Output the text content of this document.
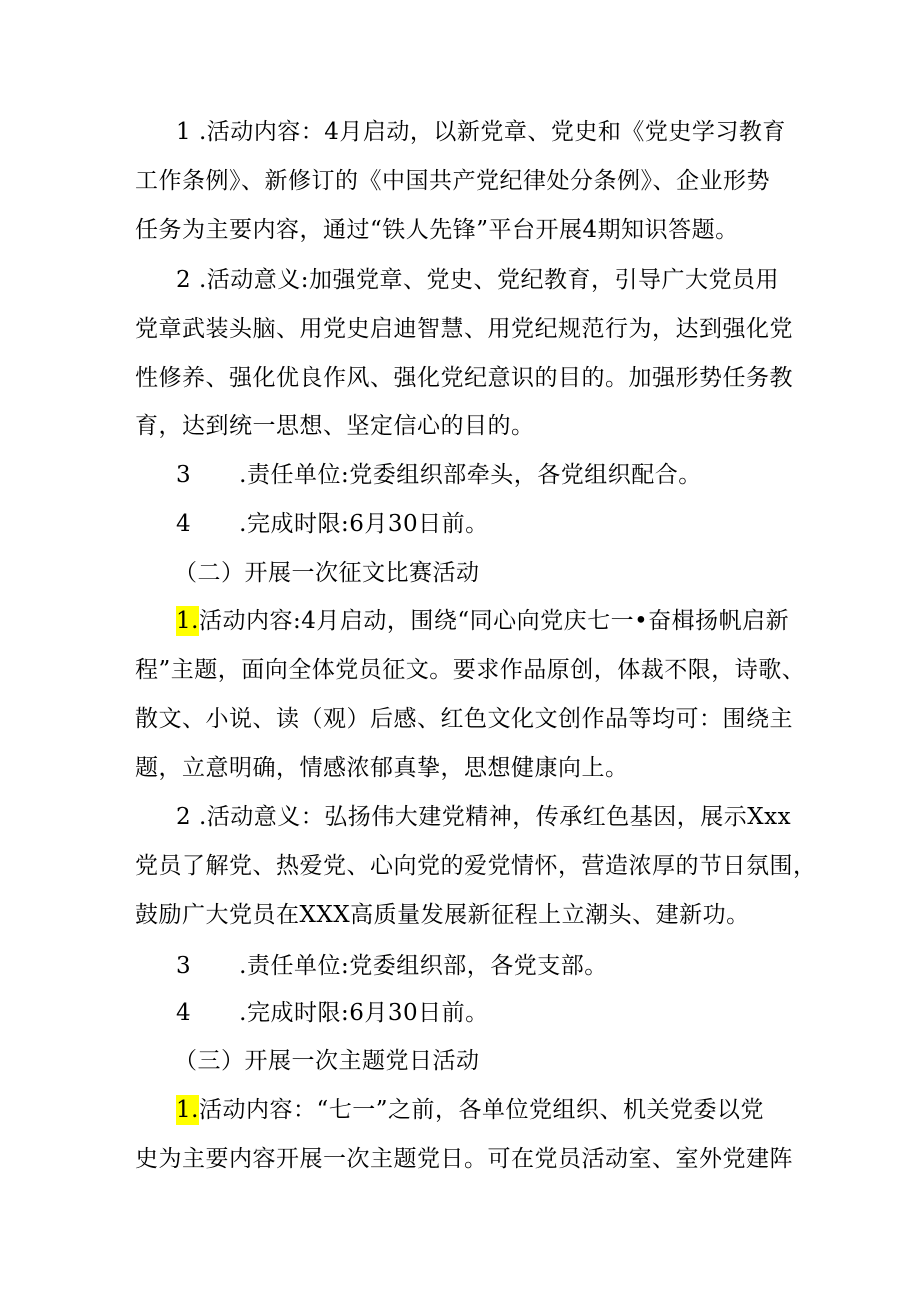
1 .活动内容：4月启动，以新党章、党史和《党史学习教育
工作条例》、新修订的《中国共产党纪律处分条例》、企业形势
任务为主要内容，通过“铁人先锋”平台开展4期知识答题。
2 .活动意义:加强党章、党史、党纪教育，引导广大党员用
党章武装头脑、用党史启迪智慧、用党纪规范行为，达到强化党
性修养、强化优良作风、强化党纪意识的目的。加强形势任务教
育，达到统一思想、坚定信心的目的。
3 .责任单位:党委组织部牵头，各党组织配合。
4 .完成时限:6月30日前。
（二）开展一次征文比赛活动
1.活动内容:4月启动，围绕“同心向党庆七一•奋楫扬帆启新
程”主题，面向全体党员征文。要求作品原创，体裁不限，诗歌、
散文、小说、读（观）后感、红色文化文创作品等均可：围绕主
题，立意明确，情感浓郁真挚，思想健康向上。
2 .活动意义：弘扬伟大建党精神，传承红色基因，展示Xxx
党员了解党、热爱党、心向党的爱党情怀，营造浓厚的节日氛围，
鼓励广大党员在XXX高质量发展新征程上立潮头、建新功。
3 .责任单位:党委组织部，各党支部。
4 .完成时限:6月30日前。
（三）开展一次主题党日活动
1.活动内容：“七一”之前，各单位党组织、机关党委以党
史为主要内容开展一次主题党日。可在党员活动室、室外党建阵
